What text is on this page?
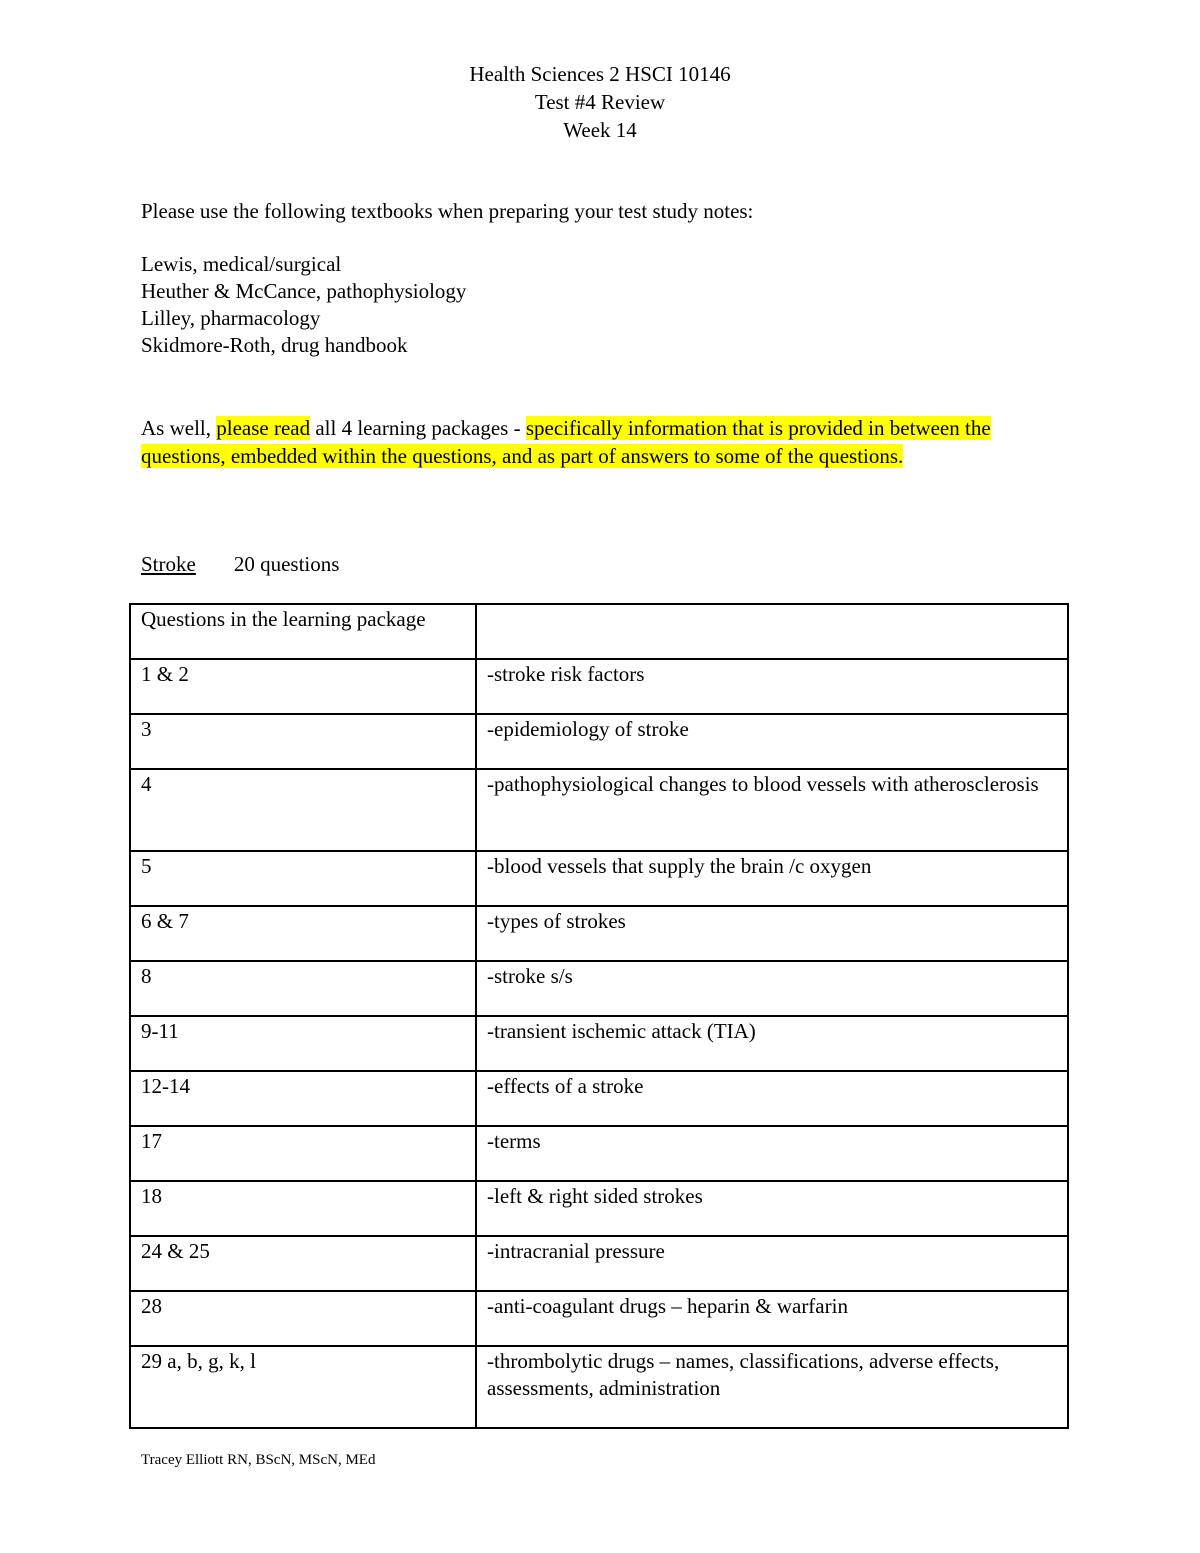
Health Sciences 2 HSCI 10146
Test #4 Review
Week 14

Please use the following textbooks when preparing your test study notes:

Lewis, medical/surgical
Heuther & McCance, pathophysiology
Lilley, pharmacology
Skidmore-Roth, drug handbook

As well, please read all 4 learning packages - specifically information that is provided in between the questions, embedded within the questions, and as part of answers to some of the questions.

Stroke 20 questions
Questions in the learning package	
1 & 2	-stroke risk factors
3	-epidemiology of stroke
4	-pathophysiological changes to blood vessels with atherosclerosis
5	-blood vessels that supply the brain /c oxygen
6 & 7	-types of strokes
8	-stroke s/s
9-11	-transient ischemic attack (TIA)
12-14	-effects of a stroke
17	-terms
18	-left & right sided strokes
24 & 25	-intracranial pressure
28	-anti-coagulant drugs – heparin & warfarin
29 a, b, g, k, l	-thrombolytic drugs – names, classifications, adverse effects, assessments, administration
Tracey Elliott RN, BScN, MScN, MEd
